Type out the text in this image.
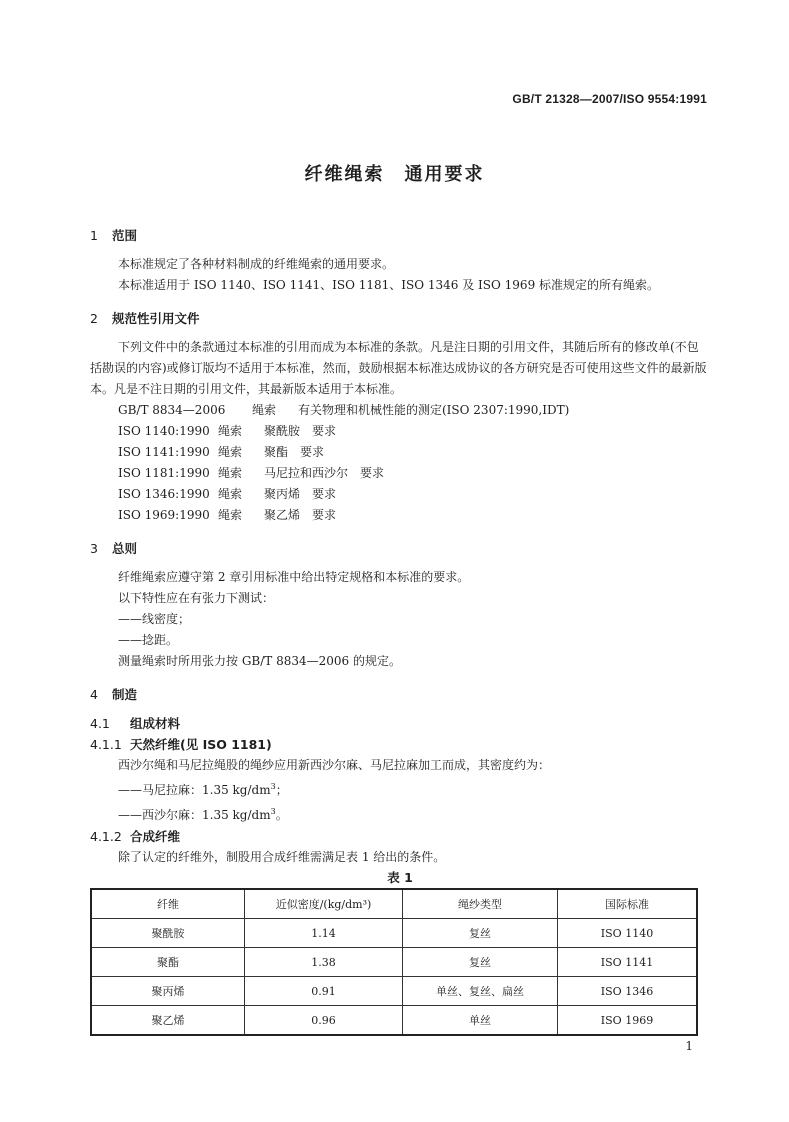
GB/T 21328—2007/ISO 9554:1991
纤维绳索　通用要求
1 范围

本标准规定了各种材料制成的纤维绳索的通用要求。

本标准适用于 ISO 1140、ISO 1141、ISO 1181、ISO 1346 及 ISO 1969 标准规定的所有绳索。

2 规范性引用文件

下列文件中的条款通过本标准的引用而成为本标准的条款。凡是注日期的引用文件，其随后所有的修改单(不包括勘误的内容)或修订版均不适用于本标准，然而，鼓励根据本标准达成协议的各方研究是否可使用这些文件的最新版本。凡是不注日期的引用文件，其最新版本适用于本标准。

GB/T 8834—2006 绳索 有关物理和机械性能的测定(ISO 2307:1990,IDT)

ISO 1140:1990 绳索 聚酰胺　要求

ISO 1141:1990 绳索 聚酯　要求

ISO 1181:1990 绳索 马尼拉和西沙尔　要求

ISO 1346:1990 绳索 聚丙烯　要求

ISO 1969:1990 绳索 聚乙烯　要求

3 总则

纤维绳索应遵守第 2 章引用标准中给出特定规格和本标准的要求。

以下特性应在有张力下测试：

——线密度；

——捻距。

测量绳索时所用张力按 GB/T 8834—2006 的规定。

4 制造
4.1 组成材料
4.1.1 天然纤维(见 ISO 1181)

西沙尔绳和马尼拉绳股的绳纱应用新西沙尔麻、马尼拉麻加工而成，其密度约为：

——马尼拉麻：1.35 $kg/dm^3$；

——西沙尔麻：1.35 $kg/dm^3$。

4.1.2 合成纤维

除了认定的纤维外，制股用合成纤维需满足表 1 给出的条件。

表 1

纤维	近似密度/(kg/dm³)	绳纱类型	国际标准
聚酰胺	1.14	复丝	ISO 1140
聚酯	1.38	复丝	ISO 1141
聚丙烯	0.91	单丝、复丝、扁丝	ISO 1346
聚乙烯	0.96	单丝	ISO 1969
1
